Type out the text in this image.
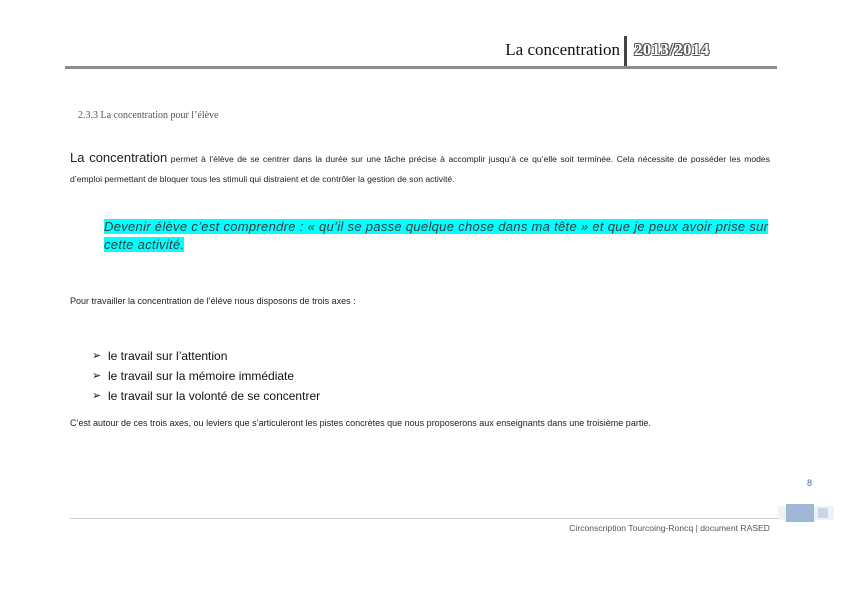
La concentration 2013/2014
2.3.3 La concentration pour l’élève
La concentration permet à l’élève de se centrer dans la durée sur une tâche précise à accomplir jusqu’à ce qu’elle soit terminée. Cela nécessite de posséder les modes d’emploi permettant de bloquer tous les stimuli qui distraient et de contrôler la gestion de son activité.
Devenir élève c’est comprendre : « qu’il se passe quelque chose dans ma tête » et que je peux avoir prise sur cette activité.
Pour travailler la concentration de l’élève nous disposons de trois axes :
➢ le travail sur l’attention
➢ le travail sur la mémoire immédiate
➢ le travail sur la volonté de se concentrer
C’est autour de ces trois axes, ou leviers que s’articuleront les pistes concrètes que nous proposerons aux enseignants dans une troisième partie.
8
Circonscription Tourcoing-Roncq | document RASED
